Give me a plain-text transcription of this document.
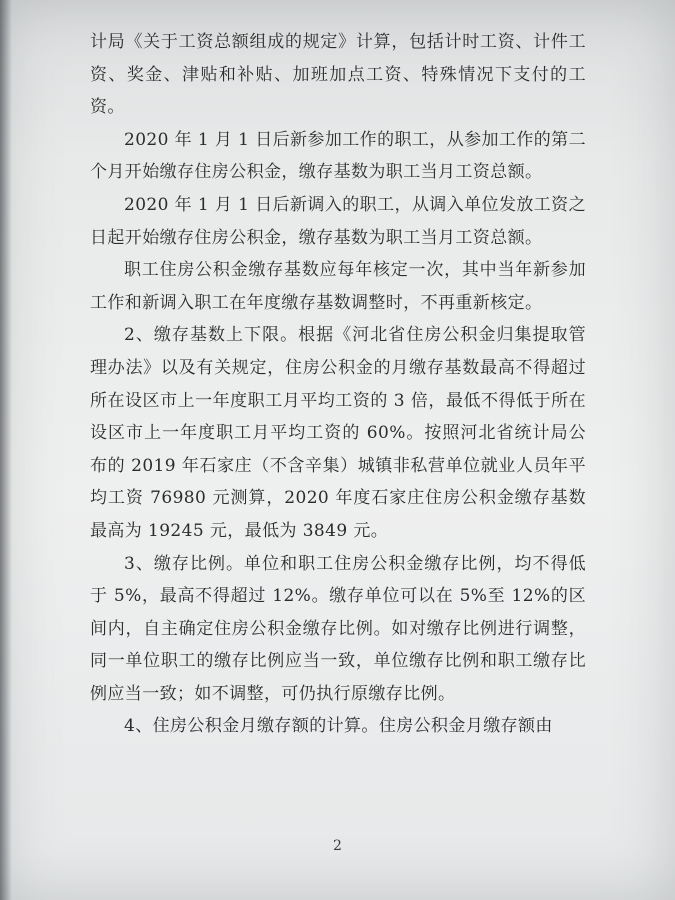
计局《关于工资总额组成的规定》计算，包括计时工资、计件工资、奖金、津贴和补贴、加班加点工资、特殊情况下支付的工资。

2020 年 1 月 1 日后新参加工作的职工，从参加工作的第二个月开始缴存住房公积金，缴存基数为职工当月工资总额。

2020 年 1 月 1 日后新调入的职工，从调入单位发放工资之日起开始缴存住房公积金，缴存基数为职工当月工资总额。

职工住房公积金缴存基数应每年核定一次，其中当年新参加工作和新调入职工在年度缴存基数调整时，不再重新核定。

2、缴存基数上下限。根据《河北省住房公积金归集提取管理办法》以及有关规定，住房公积金的月缴存基数最高不得超过所在设区市上一年度职工月平均工资的 3 倍，最低不得低于所在设区市上一年度职工月平均工资的 60%。按照河北省统计局公布的 2019 年石家庄（不含辛集）城镇非私营单位就业人员年平均工资 76980 元测算，2020 年度石家庄住房公积金缴存基数最高为 19245 元，最低为 3849 元。

3、缴存比例。单位和职工住房公积金缴存比例，均不得低于 5%，最高不得超过 12%。缴存单位可以在 5%至 12%的区间内，自主确定住房公积金缴存比例。如对缴存比例进行调整，同一单位职工的缴存比例应当一致，单位缴存比例和职工缴存比例应当一致；如不调整，可仍执行原缴存比例。

4、住房公积金月缴存额的计算。住房公积金月缴存额由

2
